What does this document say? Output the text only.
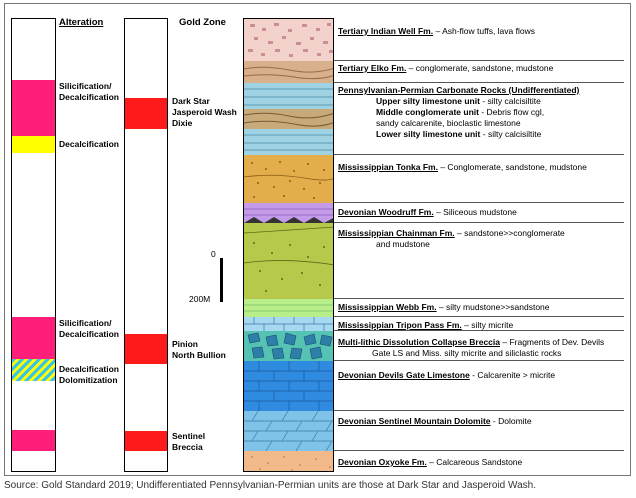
Alteration	Gold Zone
Silicification/
Decalcification
Decalcification
Silicification/
Decalcification
Decalcification
Dolomitization
Dark Star
Jasperoid Wash
Dixie
Pinion
North Bullion
Sentinel
Breccia
0
200M
Tertiary Indian Well Fm. – Ash-flow tuffs, lava flows
Tertiary Elko Fm. – conglomerate, sandstone, mudstone
Pennsylvanian-Permian Carbonate Rocks (Undifferentiated)
Upper silty limestone unit - silty calcisiltite
Middle conglomerate unit - Debris flow cgl,
sandy calcarenite, bioclastic limestone
Lower silty limestone unit - silty calcisiltite
Mississippian Tonka Fm. – Conglomerate, sandstone, mudstone
Devonian Woodruff Fm. – Siliceous mudstone
Mississippian Chainman Fm. – sandstone>>conglomerate
and mudstone
Mississippian Webb Fm. – silty mudstone>>sandstone
Mississippian Tripon Pass Fm. – silty micrite
Multi-lithic Dissolution Collapse Breccia – Fragments of Dev. Devils
Gate LS and Miss. silty micrite and siliclastic rocks
Devonian Devils Gate Limestone - Calcarenite > micrite
Devonian Sentinel Mountain Dolomite - Dolomite
Devonian Oxyoke Fm. – Calcareous Sandstone
Source: Gold Standard 2019; Undifferentiated Pennsylvanian-Permian units are those at Dark Star and Jasperoid Wash.
